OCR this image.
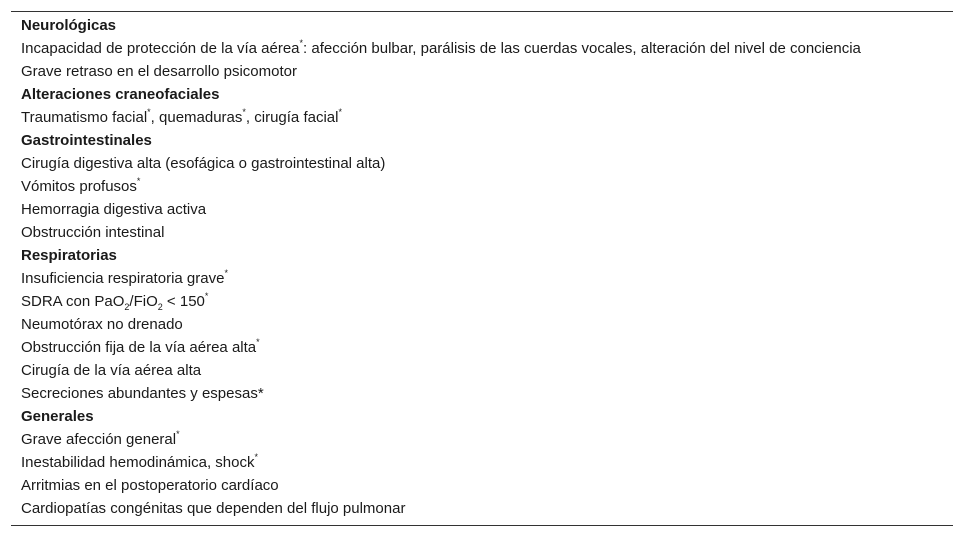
Neurológicas
Incapacidad de protección de la vía aérea*: afección bulbar, parálisis de las cuerdas vocales, alteración del nivel de conciencia
Grave retraso en el desarrollo psicomotor
Alteraciones craneofaciales
Traumatismo facial*, quemaduras*, cirugía facial*
Gastrointestinales
Cirugía digestiva alta (esofágica o gastrointestinal alta)
Vómitos profusos*
Hemorragia digestiva activa
Obstrucción intestinal
Respiratorias
Insuficiencia respiratoria grave*
SDRA con PaO$_2$/FiO$_2$ < 150*
Neumotórax no drenado
Obstrucción fija de la vía aérea alta*
Cirugía de la vía aérea alta
Secreciones abundantes y espesas*
Generales
Grave afección general*
Inestabilidad hemodinámica, shock*
Arritmias en el postoperatorio cardíaco
Cardiopatías congénitas que dependen del flujo pulmonar
